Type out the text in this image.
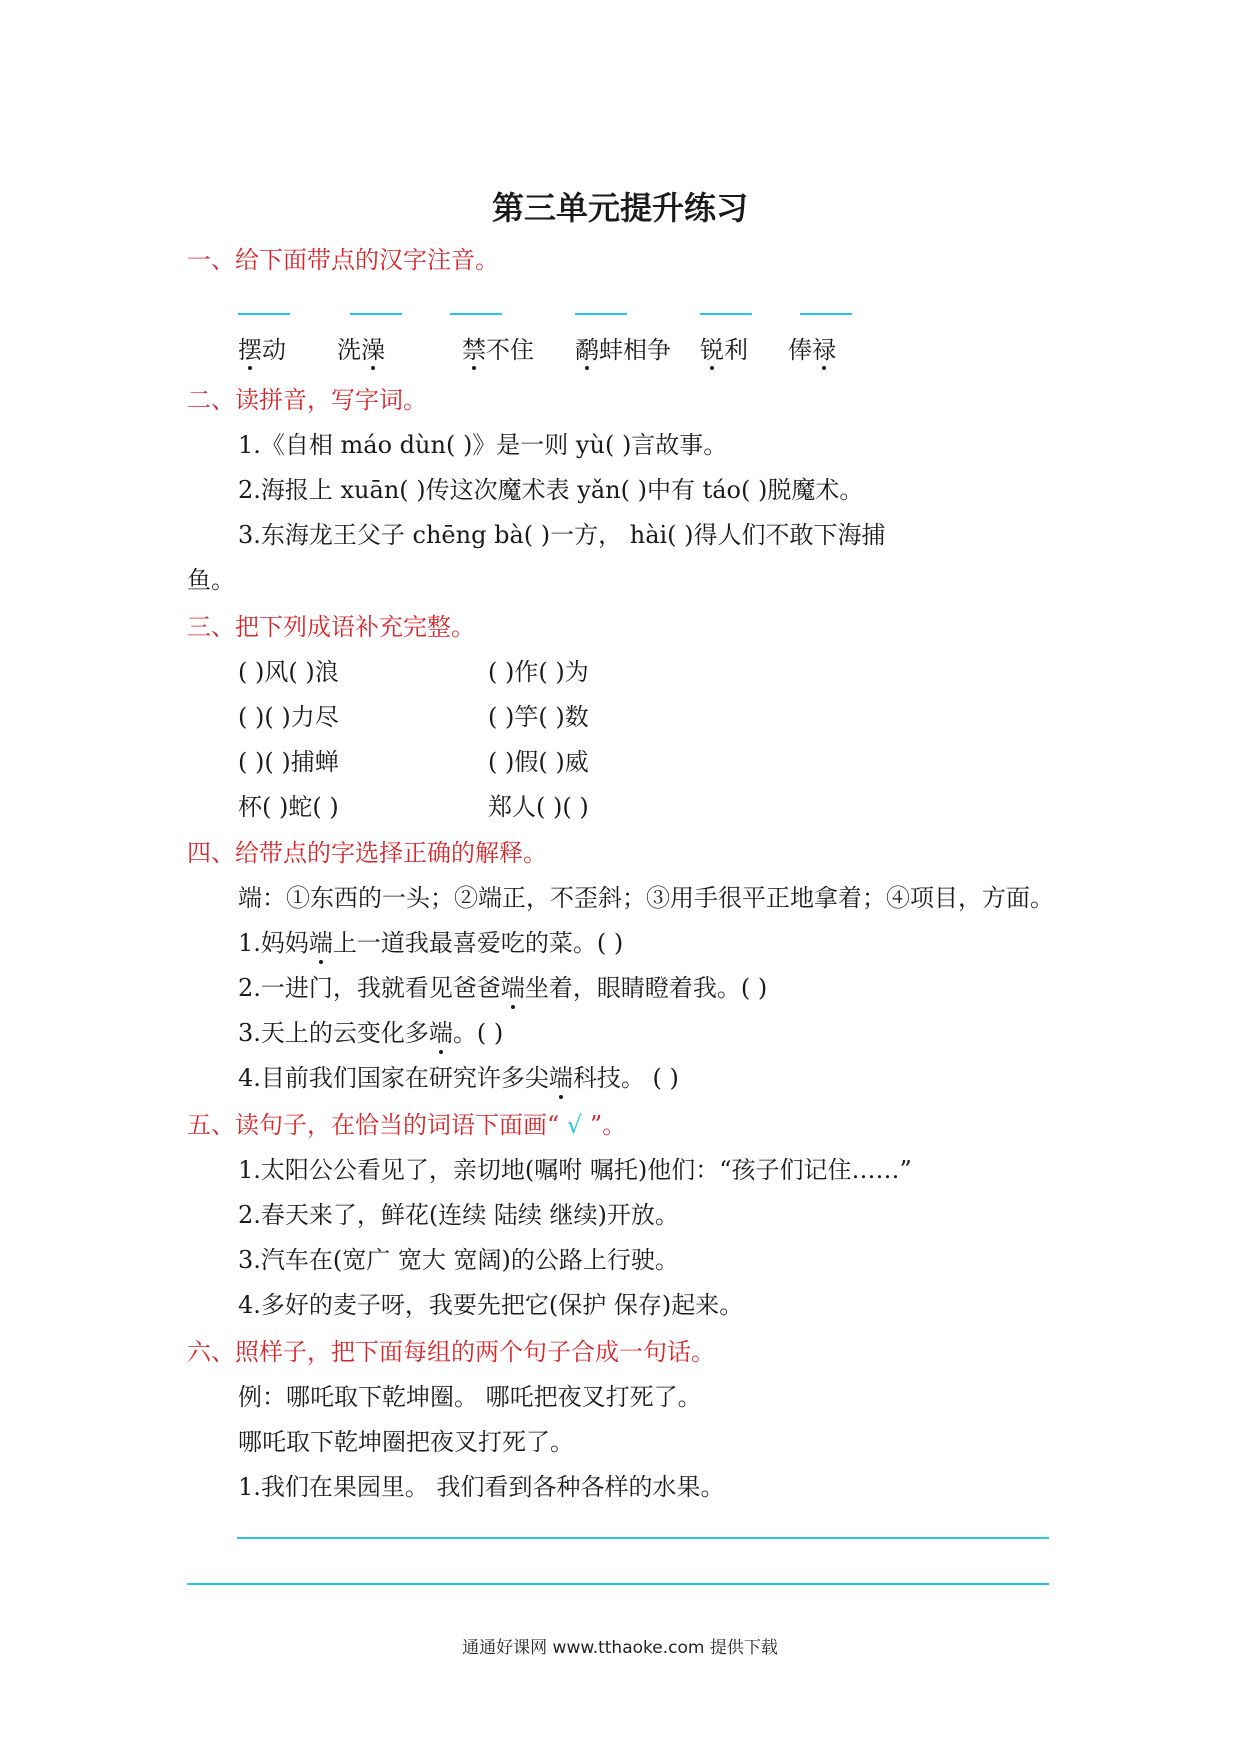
第三单元提升练习
一、给下面带点的汉字注音。
摆动 洗澡	禁不住 鹬蚌相争 锐利 俸禄
二、读拼音，写字词。
1.《自相 máo dùn( )》是一则 yù( )言故事。
2.海报上 xuān( )传这次魔术表 yǎn( )中有 táo( )脱魔术。
3.东海龙王父子 chēng bà( )一方， hài( )得人们不敢下海捕
鱼。
三、把下列成语补充完整。
( )风( )浪	( )作( )为
( )( )力尽	( )竽( )数
( )( )捕蝉	( )假( )威
杯( )蛇( )	郑人( )( )
四、给带点的字选择正确的解释。
端：①东西的一头；②端正，不歪斜；③用手很平正地拿着；④项目，方面。
1.妈妈端上一道我最喜爱吃的菜。( )
2.一进门，我就看见爸爸端坐着，眼睛瞪着我。( )
3.天上的云变化多端。( )
4.目前我们国家在研究许多尖端科技。 ( )
五、读句子，在恰当的词语下面画“ √ ”。
1.太阳公公看见了，亲切地(嘱咐 嘱托)他们：“孩子们记住……”
2.春天来了，鲜花(连续 陆续 继续)开放。
3.汽车在(宽广 宽大 宽阔)的公路上行驶。
4.多好的麦子呀，我要先把它(保护 保存)起来。
六、照样子，把下面每组的两个句子合成一句话。
例：哪吒取下乾坤圈。 哪吒把夜叉打死了。
哪吒取下乾坤圈把夜叉打死了。
1.我们在果园里。 我们看到各种各样的水果。
通通好课网 www.tthaoke.com 提供下载
